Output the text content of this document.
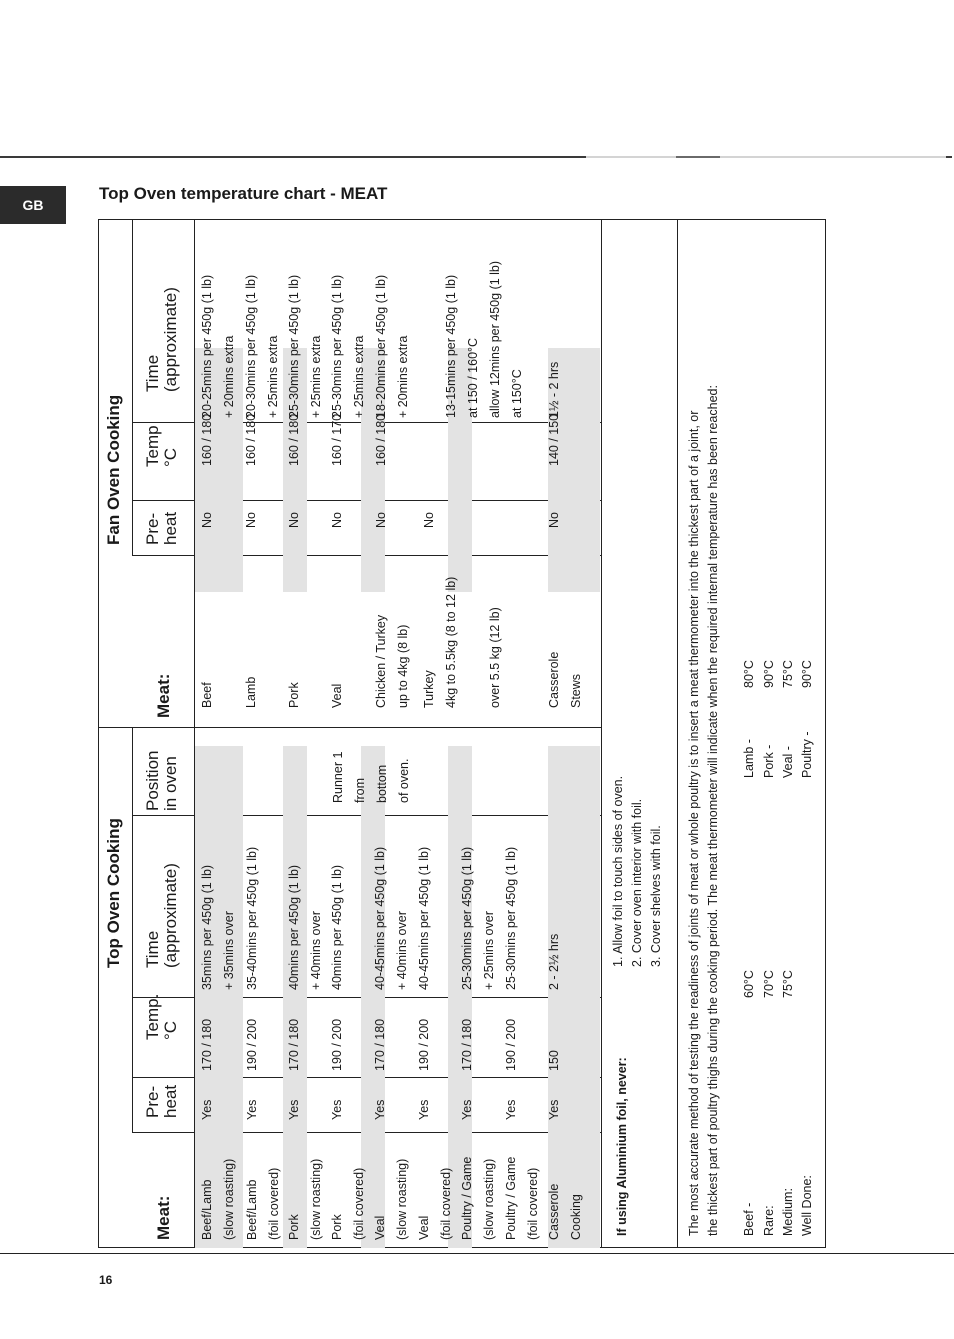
GB
Top Oven temperature chart - MEAT
Top Oven Cooking
Fan Oven Cooking
Meat:
Pre- heat
Temp. °C
Time (approximate)
Position in oven
Meat:
Pre- heat
Temp °C
Time (approximate)
If using Aluminium foil, never:
1. Allow foil to touch sides of oven. 2. Cover oven interior with foil. 3. Cover shelves with foil. The most accurate method of testing the readiness of joints of meat or whole poultry is to insert a meat thermometer into the thickest part of a joint, or the thickest part of poultry thighs during the cooking period. The meat thermometer will indicate when the required internal temperature has been reached: Beef - Rare: Medium: Well Done:
60°C 70°C 75°C
Lamb - Pork - Veal - Poultry -
80°C 90°C 75°C 90°C
Beef/Lamb (slow roasting)
Yes
170 / 180
35mins per 450g (1 lb) + 35mins over
Beef/Lamb (foil covered)
Yes
190 / 200
35-40mins per 450g (1 lb)
Pork (slow roasting)
Yes
170 / 180
40mins per 450g (1 lb) + 40mins over
Pork (foil covered)
Yes
190 / 200
40mins per 450g (1 lb)
Veal (slow roasting)
Yes
170 / 180
40-45mins per 450g (1 lb) + 40mins over
Veal (foil covered)
Yes
190 / 200
40-45mins per 450g (1 lb)
Poultry / Game (slow roasting)
Yes
170 / 180
25-30mins per 450g (1 lb) + 25mins over
Poultry / Game (foil covered)
Yes
190 / 200
25-30mins per 450g (1 lb)
Casserole Cooking
Yes
150
2 - 2½ hrs
Runner 1 from bottom of oven.
Beef
No
160 / 180
20-25mins per 450g (1 lb) + 20mins extra
Lamb
No
160 / 180
20-30mins per 450g (1 lb) + 25mins extra
Pork
No
160 / 180
25-30mins per 450g (1 lb) + 25mins extra
Veal
No
160 / 170
25-30mins per 450g (1 lb) + 25mins extra
Chicken / Turkey up to 4kg (8 lb)
No
160 / 180
18-20mins per 450g (1 lb) + 20mins extra
Turkey 4kg to 5.5kg (8 to 12 lb)	over 5.5 kg (12 lb)
No
13-15mins per 450g (1 lb) at 150 / 160°C allow 12mins per 450g (1 lb) at 150°C
Casserole Stews
No
140 / 150
1½ - 2 hrs
16
